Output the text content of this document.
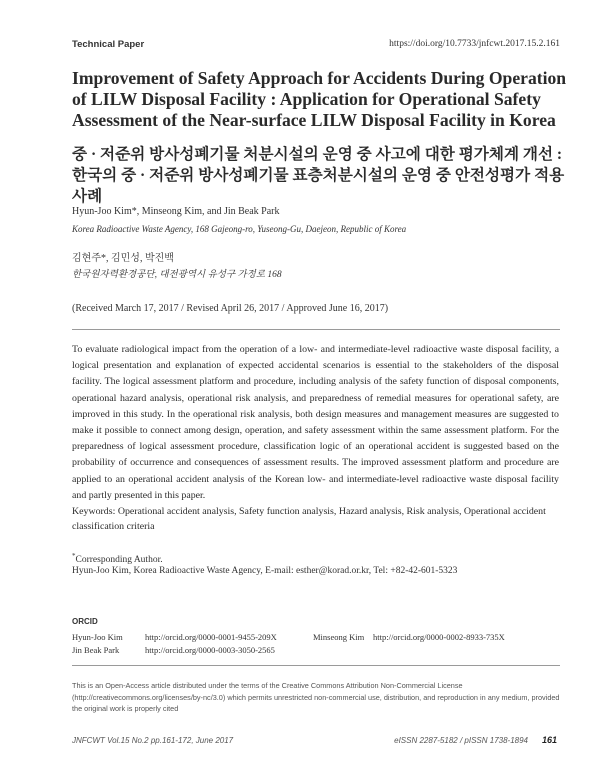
Technical Paper	https://doi.org/10.7733/jnfcwt.2017.15.2.161
Improvement of Safety Approach for Accidents During Operation of LILW Disposal Facility : Application for Operational Safety Assessment of the Near-surface LILW Disposal Facility in Korea
중 · 저준위 방사성폐기물 처분시설의 운영 중 사고에 대한 평가체계 개선 :
한국의 중 · 저준위 방사성폐기물 표층처분시설의 운영 중 안전성평가 적용사례
Hyun-Joo Kim*, Minseong Kim, and Jin Beak Park
Korea Radioactive Waste Agency, 168 Gajeong-ro, Yuseong-Gu, Daejeon, Republic of Korea
김현주*, 김민성, 박진백
한국원자력환경공단, 대전광역시 유성구 가정로 168
(Received March 17, 2017 / Revised April 26, 2017 / Approved June 16, 2017)
To evaluate radiological impact from the operation of a low- and intermediate-level radioactive waste disposal facility, a logical presentation and explanation of expected accidental scenarios is essential to the stakeholders of the disposal facility. The logical assessment platform and procedure, including analysis of the safety function of disposal components, operational hazard analysis, operational risk analysis, and preparedness of remedial measures for operational safety, are improved in this study. In the operational risk analysis, both design measures and management measures are suggested to make it possible to connect among design, operation, and safety assessment within the same assessment platform. For the preparedness of logical assessment procedure, classification logic of an operational accident is suggested based on the probability of occurrence and consequences of assessment results. The improved assessment platform and procedure are applied to an operational accident analysis of the Korean low- and intermediate-level radioactive waste disposal facility and partly presented in this paper.
Keywords: Operational accident analysis, Safety function analysis, Hazard analysis, Risk analysis, Operational accident classification criteria
*Corresponding Author.
Hyun-Joo Kim, Korea Radioactive Waste Agency, E-mail: esther@korad.or.kr, Tel: +82-42-601-5323
ORCID
Hyun-Joo Kim	http://orcid.org/0000-0001-9455-209X	Minseong Kim http://orcid.org/0000-0002-8933-735X
Jin Beak Park	http://orcid.org/0000-0003-3050-2565
This is an Open-Access article distributed under the terms of the Creative Commons Attribution Non-Commercial License (http://creativecommons.org/licenses/by-nc/3.0) which permits unrestricted non-commercial use, distribution, and reproduction in any medium, provided the original work is properly cited
JNFCWT Vol.15 No.2 pp.161-172, June 2017	eISSN 2287-5182 / pISSN 1738-1894 161
